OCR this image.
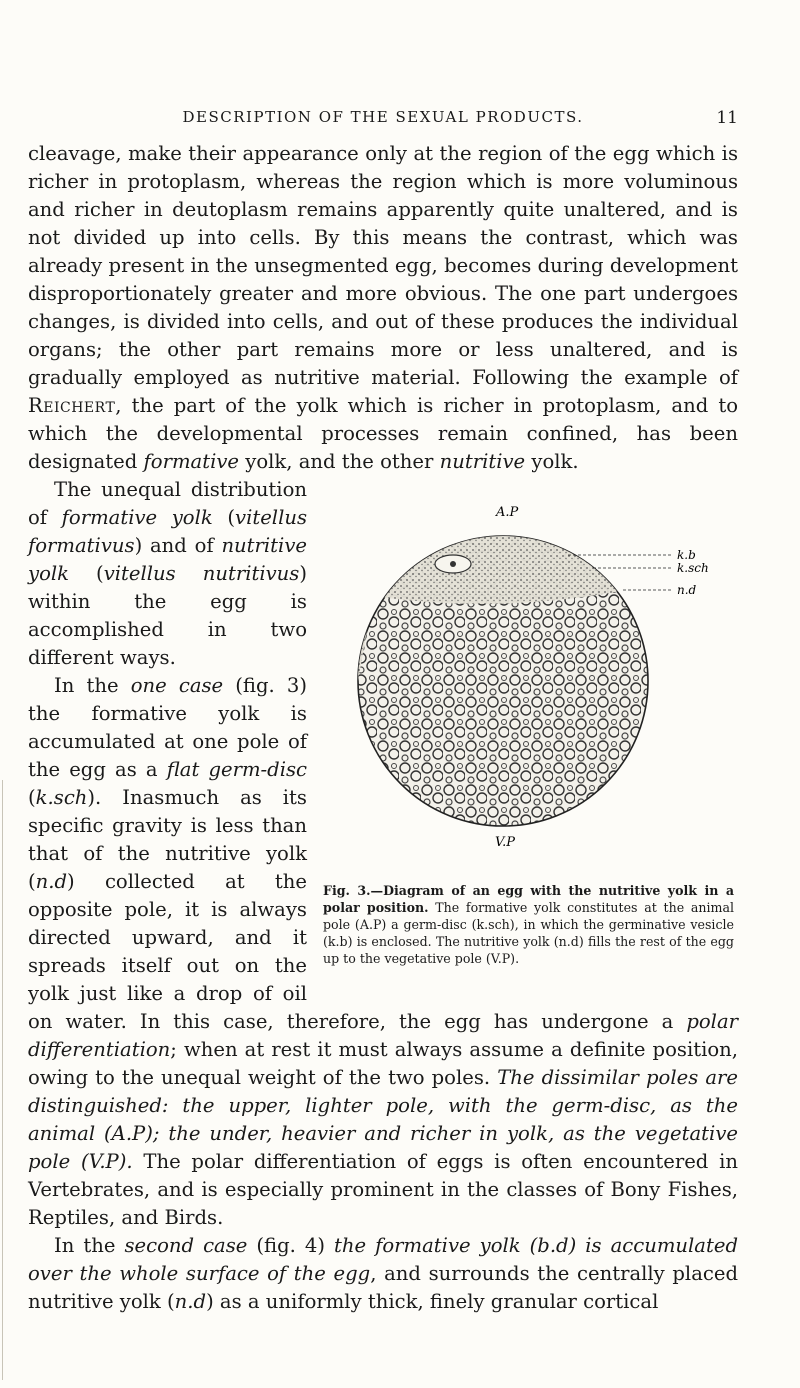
DESCRIPTION OF THE SEXUAL PRODUCTS.	11

cleavage, make their appearance only at the region of the egg which is richer in protoplasm, whereas the region which is more voluminous and richer in deutoplasm remains apparently quite unaltered, and is not divided up into cells. By this means the contrast, which was already present in the unsegmented egg, becomes during development disproportionately greater and more obvious. The one part undergoes changes, is divided into cells, and out of these produces the individual organs; the other part remains more or less unaltered, and is gradually employed as nutritive material. Following the example of Reichert, the part of the yolk which is richer in protoplasm, and to which the developmental processes remain confined, has been designated formative yolk, and the other nutritive yolk.

A.P
k.b
k.sch
n.d
V.P
Fig. 3.—Diagram of an egg with the nutritive yolk in a polar position. The formative yolk constitutes at the animal pole (A.P) a germ-disc (k.sch), in which the germinative vesicle (k.b) is enclosed. The nutritive yolk (n.d) fills the rest of the egg up to the vegetative pole (V.P).

The unequal distribution of formative yolk (vitellus formativus) and of nutritive yolk (vitellus nutritivus) within the egg is accomplished in two different ways.

In the one case (fig. 3) the formative yolk is accumulated at one pole of the egg as a flat germ-disc (k.sch). Inasmuch as its specific gravity is less than that of the nutritive yolk (n.d) collected at the opposite pole, it is always directed upward, and it spreads itself out on the yolk just like a drop of oil on water. In this case, therefore, the egg has undergone a polar differentiation; when at rest it must always assume a definite position, owing to the unequal weight of the two poles. The dissimilar poles are distinguished: the upper, lighter pole, with the germ-disc, as the animal (A.P); the under, heavier and richer in yolk, as the vegetative pole (V.P). The polar differentiation of eggs is often encountered in Vertebrates, and is especially prominent in the classes of Bony Fishes, Reptiles, and Birds.

In the second case (fig. 4) the formative yolk (b.d) is accumulated over the whole surface of the egg, and surrounds the centrally placed nutritive yolk (n.d) as a uniformly thick, finely granular cortical
